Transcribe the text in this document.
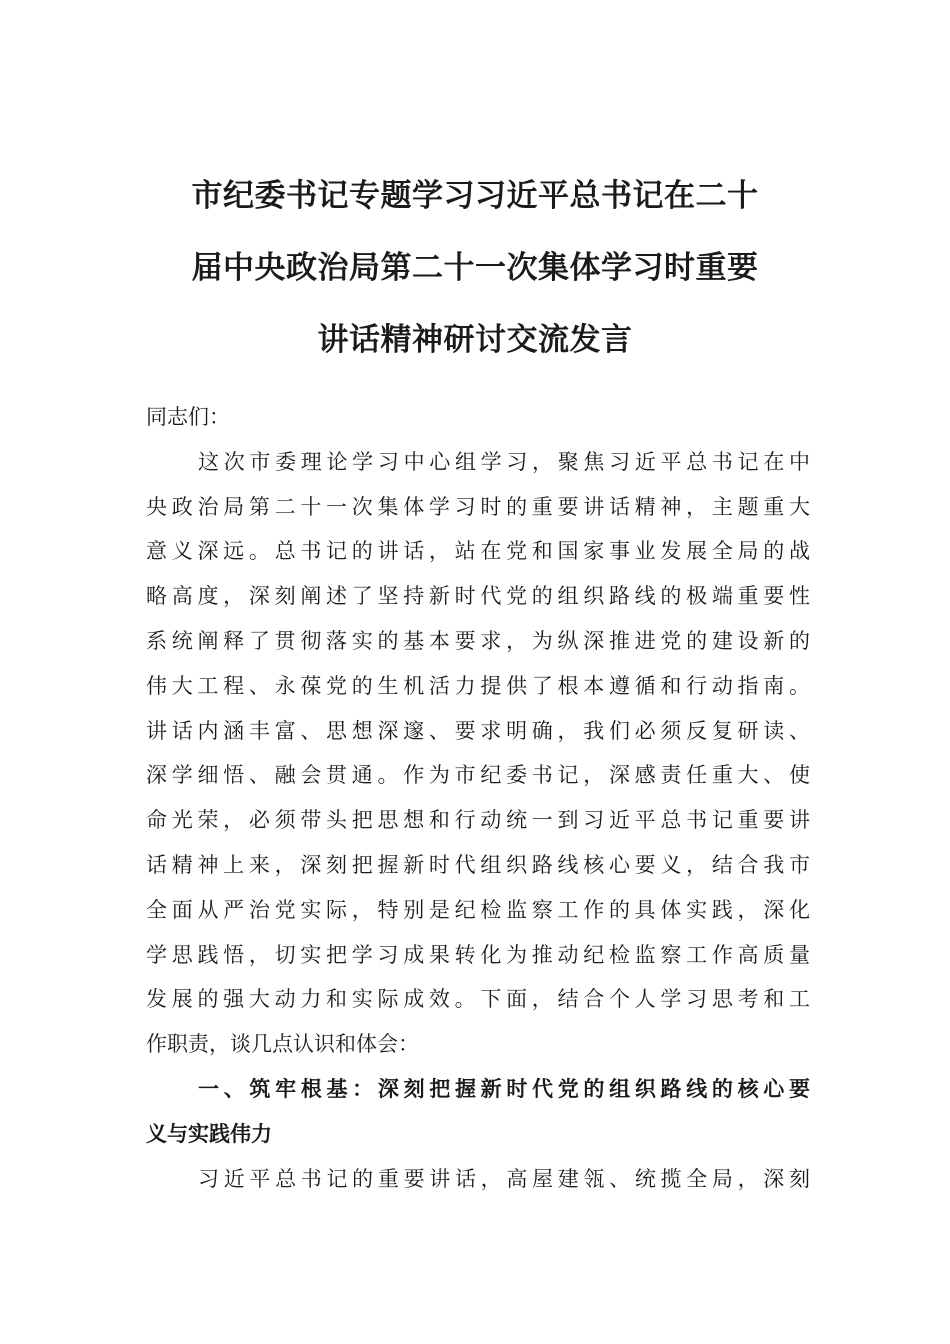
市纪委书记专题学习习近平总书记在二十
届中央政治局第二十一次集体学习时重要
讲话精神研讨交流发言
同志们：
这次市委理论学习中心组学习，聚焦习近平总书记在中
央政治局第二十一次集体学习时的重要讲话精神，主题重大
意义深远。总书记的讲话，站在党和国家事业发展全局的战
略高度，深刻阐述了坚持新时代党的组织路线的极端重要性
系统阐释了贯彻落实的基本要求，为纵深推进党的建设新的
伟大工程、永葆党的生机活力提供了根本遵循和行动指南。
讲话内涵丰富、思想深邃、要求明确，我们必须反复研读、
深学细悟、融会贯通。作为市纪委书记，深感责任重大、使
命光荣，必须带头把思想和行动统一到习近平总书记重要讲
话精神上来，深刻把握新时代组织路线核心要义，结合我市
全面从严治党实际，特别是纪检监察工作的具体实践，深化
学思践悟，切实把学习成果转化为推动纪检监察工作高质量
发展的强大动力和实际成效。下面，结合个人学习思考和工
作职责，谈几点认识和体会：
一、筑牢根基：深刻把握新时代党的组织路线的核心要
义与实践伟力
习近平总书记的重要讲话，高屋建瓴、统揽全局，深刻
